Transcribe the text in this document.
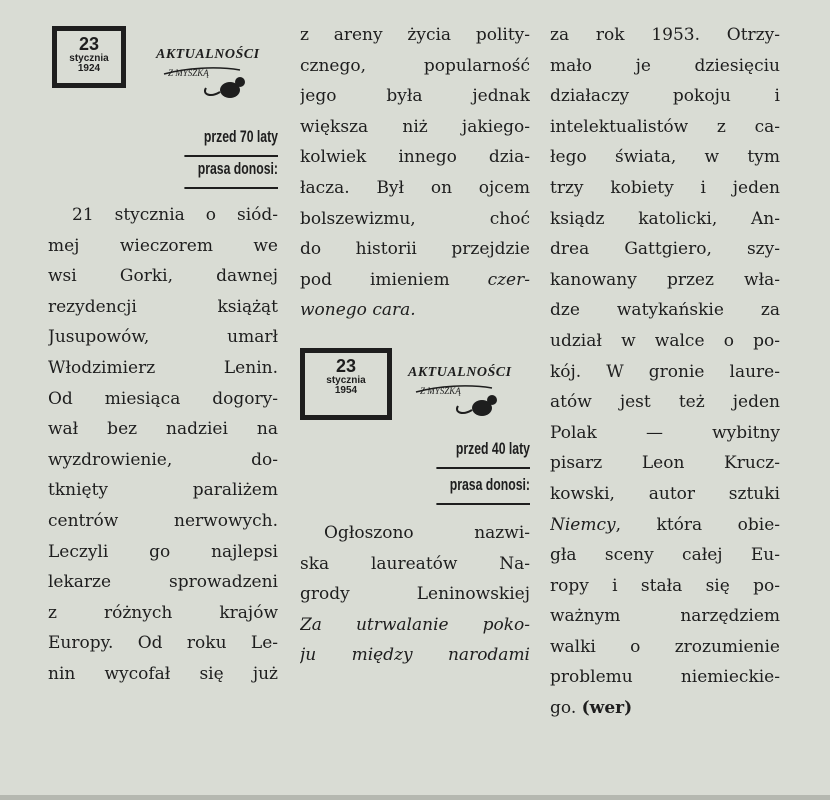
23
stycznia
1924
AKTUALNOŚCI
Z MYSZKĄ
przed 70 laty
prasa donosi:
21 stycznia o siód-
mej wieczorem we
wsi Gorki, dawnej
rezydencji książąt
Jusupowów, umarł
Włodzimierz Lenin.
Od miesiąca dogory-
wał bez nadziei na
wyzdrowienie, do-
tknięty paraliżem
centrów nerwowych.
Leczyli go najlepsi
lekarze sprowadzeni
z różnych krajów
Europy. Od roku Le-
nin wycofał się już
z areny życia polity-
cznego, popularność
jego była jednak
większa niż jakiego-
kolwiek innego dzia-
łacza. Był on ojcem
bolszewizmu, choć
do historii przejdzie
pod imieniem czer-
wonego cara.
23
stycznia
1954
AKTUALNOŚCI
Z MYSZKĄ
przed 40 laty
prasa donosi:
Ogłoszono nazwi-
ska laureatów Na-
grody Leninowskiej
Za utrwalanie poko-
ju między narodami
za rok 1953. Otrzy-
mało je dziesięciu
działaczy pokoju i
intelektualistów z ca-
łego świata, w tym
trzy kobiety i jeden
ksiądz katolicki, An-
drea Gattgiero, szy-
kanowany przez wła-
dze watykańskie za
udział w walce o po-
kój. W gronie laure-
atów jest też jeden
Polak — wybitny
pisarz Leon Krucz-
kowski, autor sztuki
Niemcy, która obie-
gła sceny całej Eu-
ropy i stała się po-
ważnym narzędziem
walki o zrozumienie
problemu niemieckie-
go. (wer)
